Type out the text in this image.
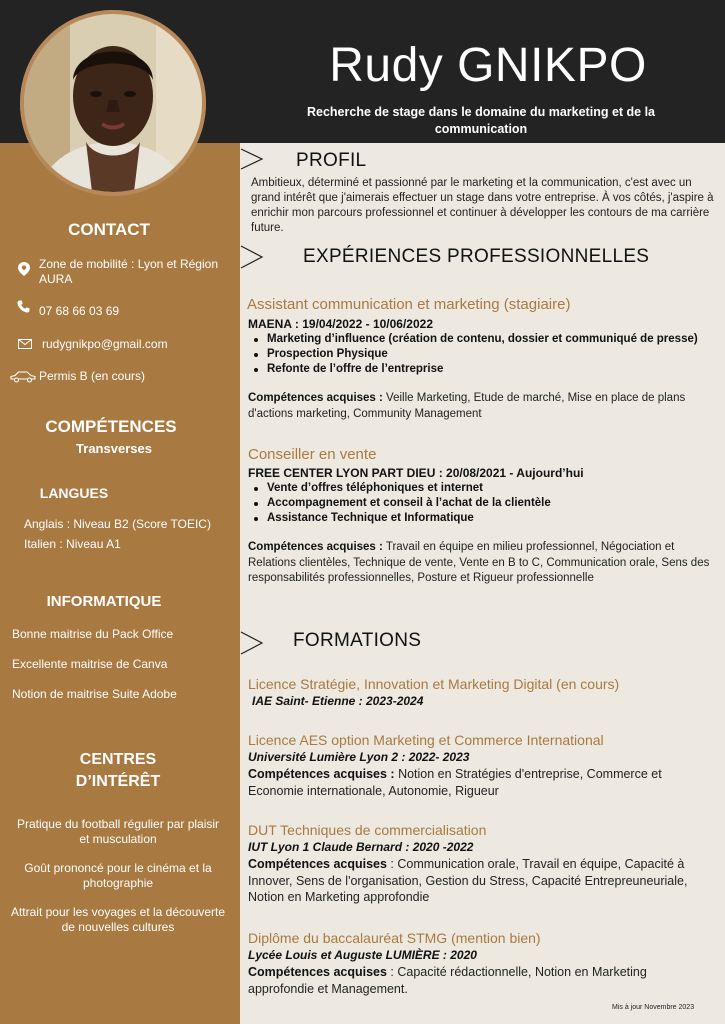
Rudy GNIKPO
Recherche de stage dans le domaine du marketing et de la communication
CONTACT
Zone de mobilité : Lyon et Région AURA
07 68 66 03 69
rudygnikpo@gmail.com
Permis B (en cours)
COMPÉTENCES
Transverses
LANGUES
Anglais : Niveau B2 (Score TOEIC)
Italien : Niveau A1
INFORMATIQUE
Bonne maitrise du Pack Office
Excellente maitrise de Canva
Notion de maitrise Suite Adobe
CENTRES
D’INTÉRÊT
Pratique du football régulier par plaisir et musculation
Goût prononcé pour le cinéma et la photographie
Attrait pour les voyages et la découverte de nouvelles cultures
PROFIL
Ambitieux, déterminé et passionné par le marketing et la communication, c'est avec un grand intérêt que j'aimerais effectuer un stage dans votre entreprise. À vos côtés, j'aspire à enrichir mon parcours professionnel et continuer à développer les contours de ma carrière future.
EXPÉRIENCES PROFESSIONNELLES
Assistant communication et marketing (stagiaire)
MAENA : 19/04/2022 - 10/06/2022
Marketing d’influence (création de contenu, dossier et communiqué de presse)
Prospection Physique
Refonte de l’offre de l’entreprise
Compétences acquises : Veille Marketing, Etude de marché, Mise en place de plans d'actions marketing, Community Management
Conseiller en vente
FREE CENTER LYON PART DIEU : 20/08/2021 - Aujourd’hui
Vente d’offres téléphoniques et internet
Accompagnement et conseil à l’achat de la clientèle
Assistance Technique et Informatique
Compétences acquises : Travail en équipe en milieu professionnel, Négociation et Relations clientèles, Technique de vente, Vente en B to C, Communication orale, Sens des responsabilités professionnelles, Posture et Rigueur professionnelle
FORMATIONS
Licence Stratégie, Innovation et Marketing Digital (en cours)
IAE Saint- Etienne : 2023-2024
Licence AES option Marketing et Commerce International
Université Lumière Lyon 2 : 2022- 2023
Compétences acquises : Notion en Stratégies d'entreprise, Commerce et Economie internationale, Autonomie, Rigueur
DUT Techniques de commercialisation
IUT Lyon 1 Claude Bernard : 2020 -2022
Compétences acquises : Communication orale, Travail en équipe, Capacité à Innover, Sens de l'organisation, Gestion du Stress, Capacité Entrepreuneuriale, Notion en Marketing approfondie
Diplôme du baccalauréat STMG (mention bien)
Lycée Louis et Auguste LUMIÈRE : 2020
Compétences acquises : Capacité rédactionnelle, Notion en Marketing approfondie et Management.
Mis à jour Novembre 2023
